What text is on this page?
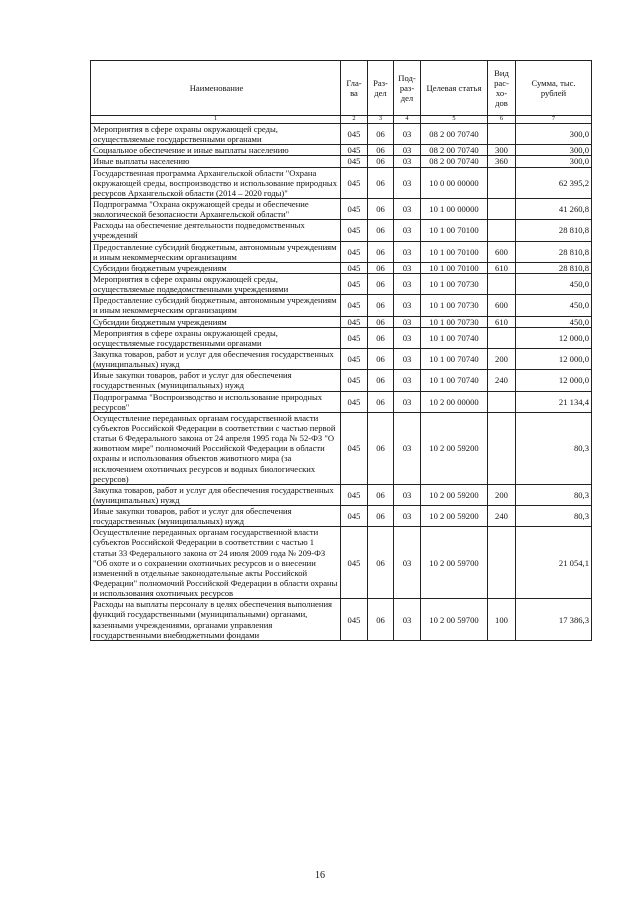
Наименование	Гла-ва	Раз-дел	Под-раз-дел	Целевая статья	Вид рас-хо-дов	Сумма, тыс. рублей
1	2	3	4	5	6	7
Мероприятия в сфере охраны окружающей среды, осуществляемые государственными органами	045	06	03	08 2 00 70740		300,0
Социальное обеспечение и иные выплаты населению	045	06	03	08 2 00 70740	300	300,0
Иные выплаты населению	045	06	03	08 2 00 70740	360	300,0
Государственная программа Архангельской области "Охрана окружающей среды, воспроизводство и использование природных ресурсов Архангельской области (2014 – 2020 годы)"	045	06	03	10 0 00 00000		62 395,2
Подпрограмма "Охрана окружающей среды и обеспечение экологической безопасности Архангельской области"	045	06	03	10 1 00 00000		41 260,8
Расходы на обеспечение деятельности подведомственных учреждений	045	06	03	10 1 00 70100		28 810,8
Предоставление субсидий бюджетным, автономным учреждениям и иным некоммерческим организациям	045	06	03	10 1 00 70100	600	28 810,8
Субсидии бюджетным учреждениям	045	06	03	10 1 00 70100	610	28 810,8
Мероприятия в сфере охраны окружающей среды, осуществляемые подведомственными учреждениями	045	06	03	10 1 00 70730		450,0
Предоставление субсидий бюджетным, автономным учреждениям и иным некоммерческим организациям	045	06	03	10 1 00 70730	600	450,0
Субсидии бюджетным учреждениям	045	06	03	10 1 00 70730	610	450,0
Мероприятия в сфере охраны окружающей среды, осуществляемые государственными органами	045	06	03	10 1 00 70740		12 000,0
Закупка товаров, работ и услуг для обеспечения государственных (муниципальных) нужд	045	06	03	10 1 00 70740	200	12 000,0
Иные закупки товаров, работ и услуг для обеспечения государственных (муниципальных) нужд	045	06	03	10 1 00 70740	240	12 000,0
Подпрограмма "Воспроизводство и использование природных ресурсов"	045	06	03	10 2 00 00000		21 134,4
Осуществление переданных органам государственной власти субъектов Российской Федерации в соответствии с частью первой статьи 6 Федерального закона от 24 апреля 1995 года № 52-ФЗ "О животном мире" полномочий Российской Федерации в области охраны и использования объектов животного мира (за исключением охотничьих ресурсов и водных биологических ресурсов)	045	06	03	10 2 00 59200		80,3
Закупка товаров, работ и услуг для обеспечения государственных (муниципальных) нужд	045	06	03	10 2 00 59200	200	80,3
Иные закупки товаров, работ и услуг для обеспечения государственных (муниципальных) нужд	045	06	03	10 2 00 59200	240	80,3
Осуществление переданных органам государственной власти субъектов Российской Федерации в соответствии с частью 1 статьи 33 Федерального закона от 24 июля 2009 года № 209-ФЗ "Об охоте и о сохранении охотничьих ресурсов и о внесении изменений в отдельные законодательные акты Российской Федерации" полномочий Российской Федерации в области охраны и использования охотничьих ресурсов	045	06	03	10 2 00 59700		21 054,1
Расходы на выплаты персоналу в целях обеспечения выполнения функций государственными (муниципальными) органами, казенными учреждениями, органами управления государственными внебюджетными фондами	045	06	03	10 2 00 59700	100	17 386,3
16
